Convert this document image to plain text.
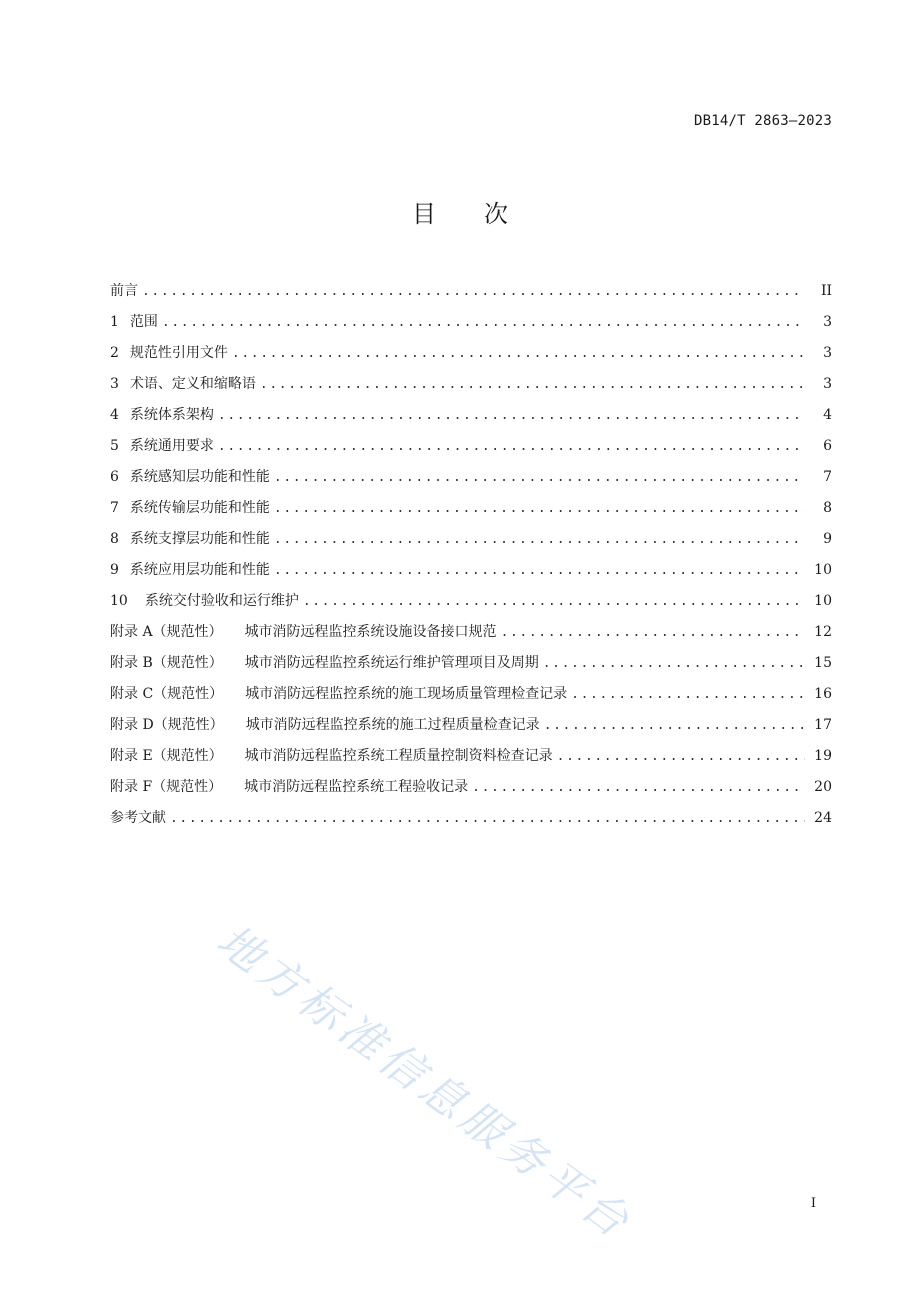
DB14/T 2863—2023
目 次
前言 .....	II
1 范围 .....	3
2 规范性引用文件 .....	3
3 术语、定义和缩略语 .....	3
4 系统体系架构 .....	4
5 系统通用要求 .....	6
6 系统感知层功能和性能 .....	7
7 系统传输层功能和性能 .....	8
8 系统支撑层功能和性能 .....	9
9 系统应用层功能和性能 .....	10
10 系统交付验收和运行维护 .....	10
附录 A（规范性） 城市消防远程监控系统设施设备接口规范 .....	12
附录 B（规范性） 城市消防远程监控系统运行维护管理项目及周期 .....	15
附录 C（规范性） 城市消防远程监控系统的施工现场质量管理检查记录 .....	16
附录 D（规范性） 城市消防远程监控系统的施工过程质量检查记录 .....	17
附录 E（规范性） 城市消防远程监控系统工程质量控制资料检查记录 .....	19
附录 F（规范性） 城市消防远程监控系统工程验收记录 .....	20
参考文献 .....	24
地方标准信息服务平台	I
